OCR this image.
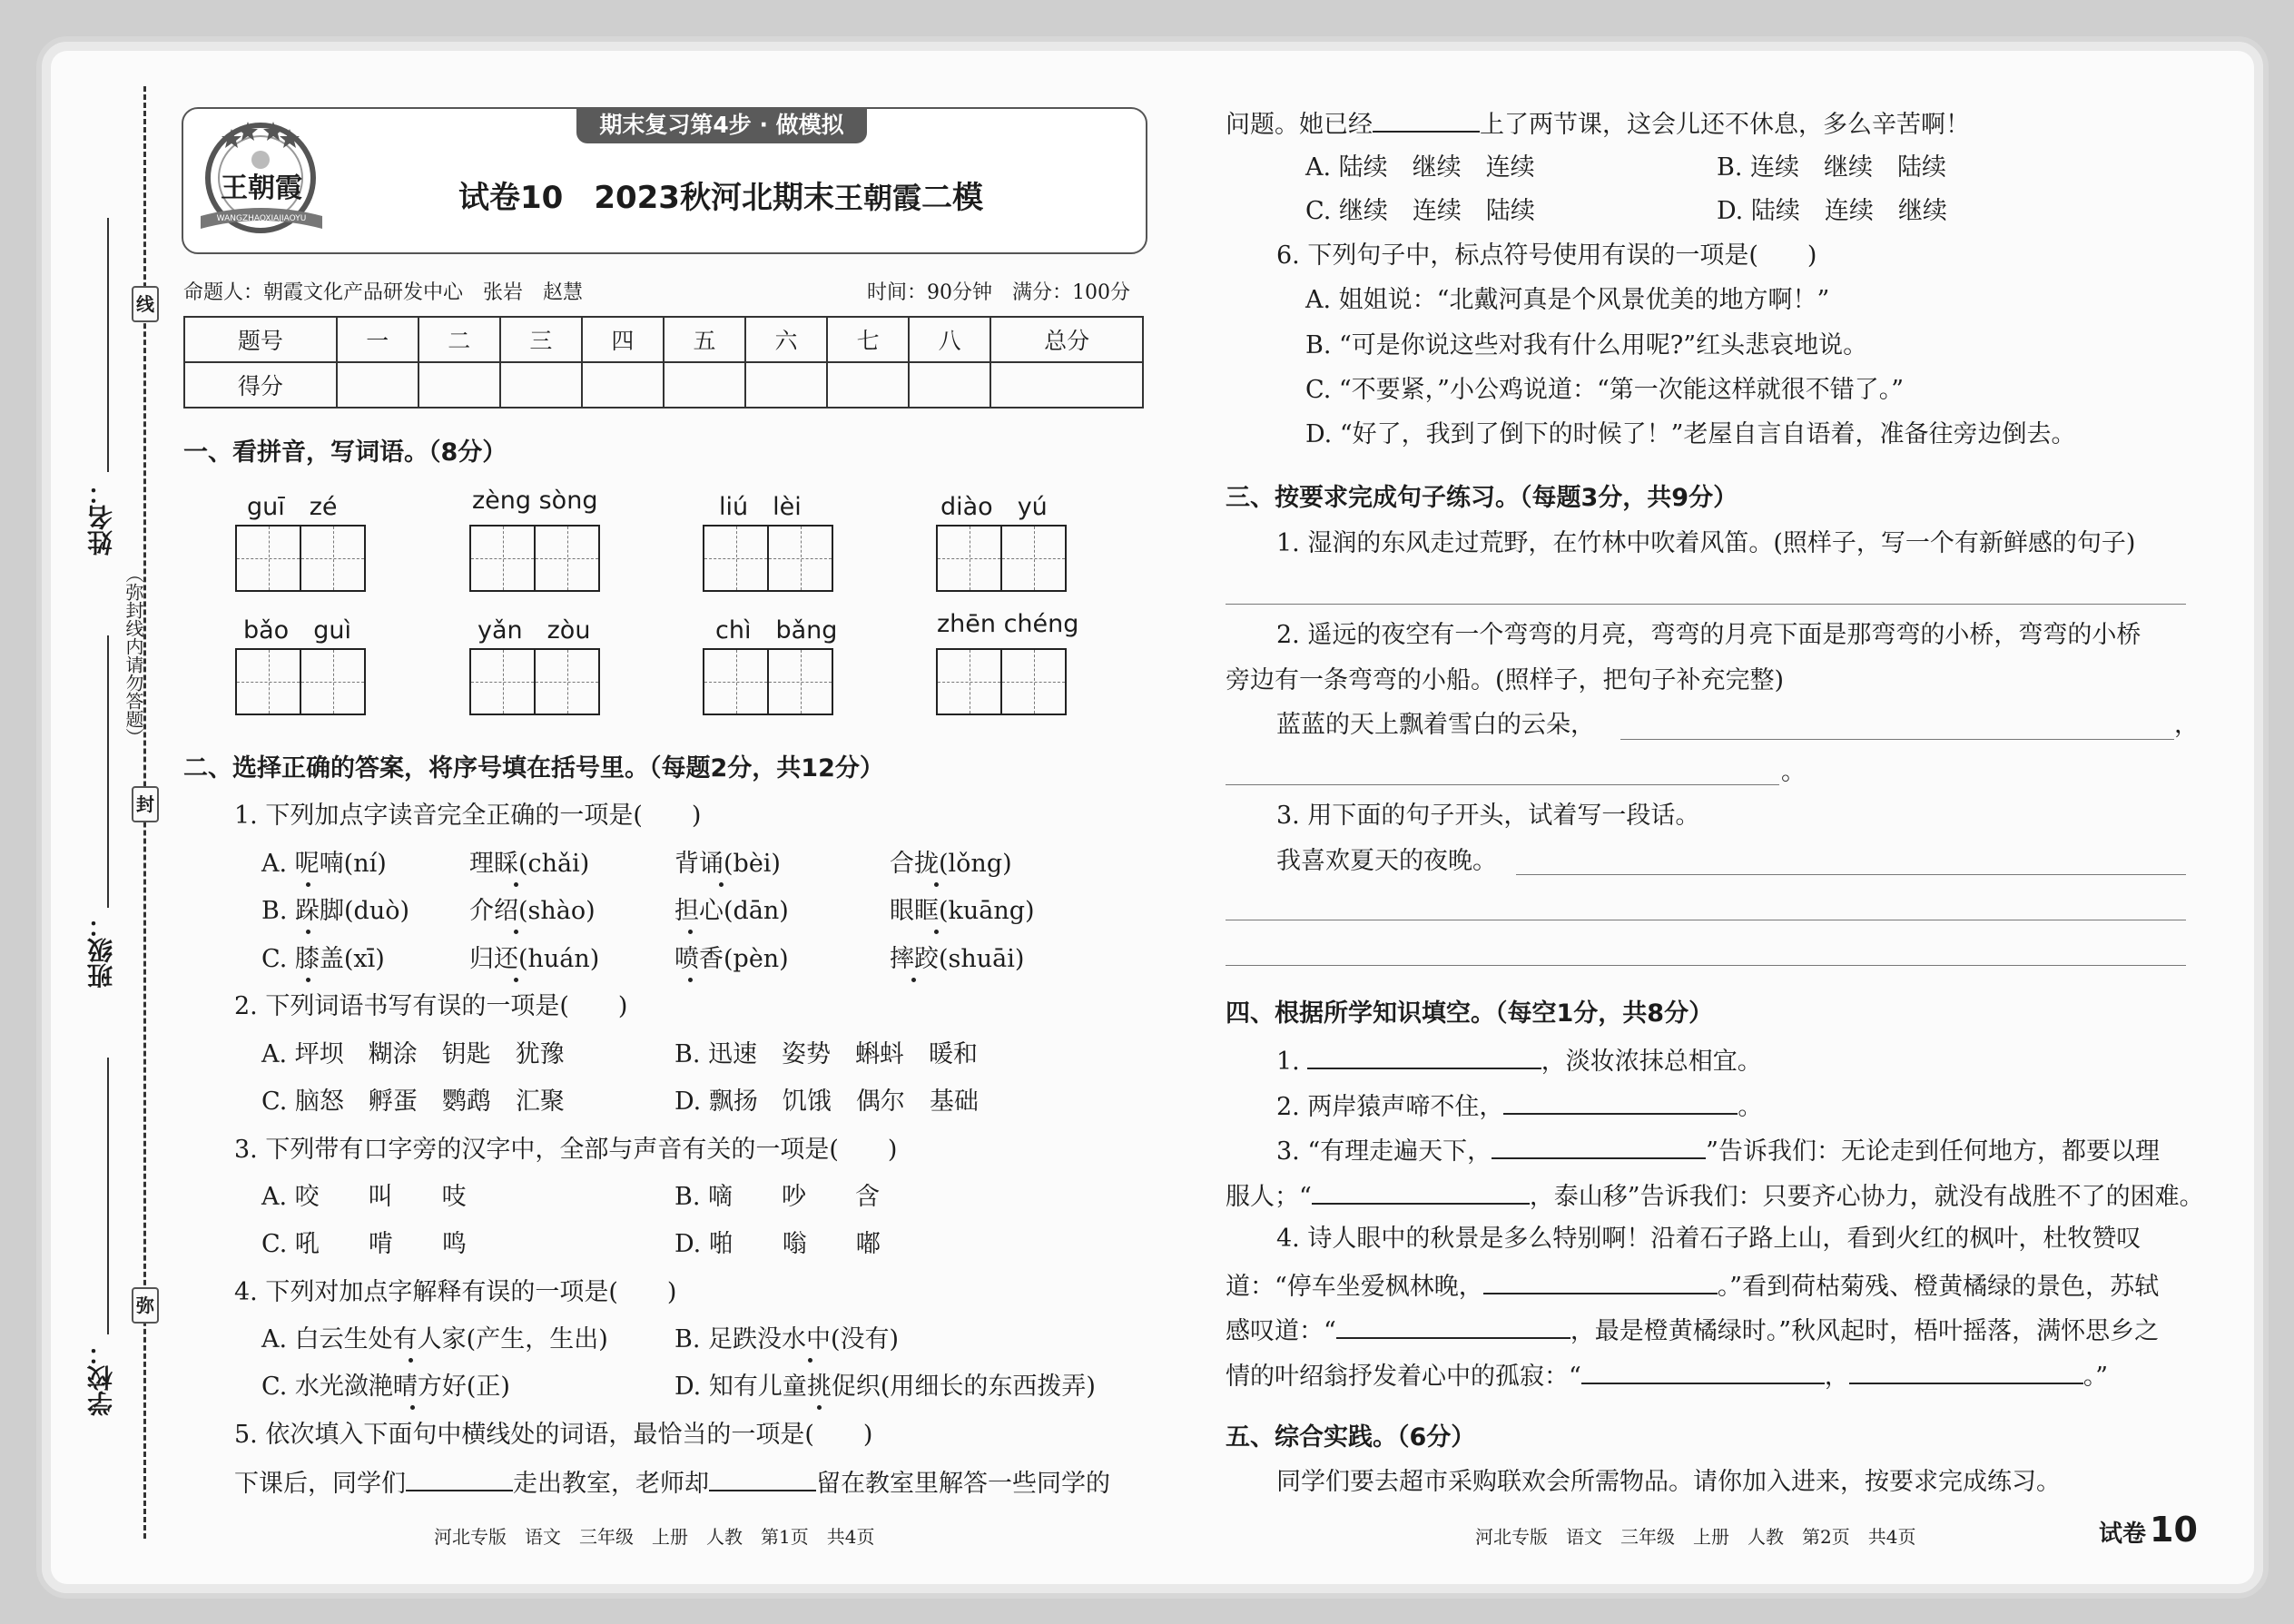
线
封
弥
（弥封线内请勿答题）
姓名：
班级：
学校：
期末复习第4步 · 做模拟
王朝霞
WANGZHAOXIAJIAOYU
试卷10　2023秋河北期末王朝霞二模
命题人：朝霞文化产品研发中心　张岩　赵慧	时间：90分钟　满分：100分
题号	一	二	三	四	五	六	七	八	总分
得分									
一、看拼音，写词语。（8分）
guī　zé	zèng sòng	liú　lèi	diào　yú
bǎo　guì	yǎn　zòu	chì　bǎng	zhēn chéng
二、选择正确的答案，将序号填在括号里。（每题2分，共12分）
1. 下列加点字读音完全正确的一项是(　　)
A. 呢喃(ní)	理睬(chǎi)	背诵(bèi)	合拢(lǒng)
B. 跺脚(duò) 介绍(shào)	担心(dān)	眼眶(kuāng)
C. 膝盖(xī)	归还(huán)	喷香(pèn)	摔跤(shuāi)
2. 下列词语书写有误的一项是(　　)
A. 坪坝　糊涂　钥匙　犹豫	B. 迅速　姿势　蝌蚪　暖和
C. 脑怒　孵蛋　鹦鹉　汇聚	D. 飘扬　饥饿　偶尔　基础
3. 下列带有口字旁的汉字中，全部与声音有关的一项是(　　)
A. 咬　　叫　　吱	B. 嘀　　吵　　含
C. 吼　　啃　　鸣	D. 啪　　嗡　　嘟
4. 下列对加点字解释有误的一项是(　　)
A. 白云生处有人家(产生，生出)	B. 足跌没水中(没有)
C. 水光潋滟晴方好(正)	D. 知有儿童挑促织(用细长的东西拨弄)
5. 依次填入下面句中横线处的词语，最恰当的一项是(　　)
下课后，同学们	走出教室，老师却	留在教室里解答一些同学的
河北专版　语文　三年级　上册　人教　第1页　共4页
问题。她已经	上了两节课，这会儿还不休息，多么辛苦啊！
A. 陆续　继续　连续	B. 连续　继续　陆续
C. 继续　连续　陆续	D. 陆续　连续　继续
6. 下列句子中，标点符号使用有误的一项是(　　)
A. 姐姐说：“北戴河真是个风景优美的地方啊！”
B. “可是你说这些对我有什么用呢?”红头悲哀地说。
C. “不要紧，”小公鸡说道：“第一次能这样就很不错了。”
D. “好了，我到了倒下的时候了！”老屋自言自语着，准备往旁边倒去。
三、按要求完成句子练习。（每题3分，共9分）
1. 湿润的东风走过荒野，在竹林中吹着风笛。(照样子，写一个有新鲜感的句子)
2. 遥远的夜空有一个弯弯的月亮，弯弯的月亮下面是那弯弯的小桥，弯弯的小桥
旁边有一条弯弯的小船。(照样子，把句子补充完整)
蓝蓝的天上飘着雪白的云朵，	，
。
3. 用下面的句子开头，试着写一段话。
我喜欢夏天的夜晚。
四、根据所学知识填空。（每空1分，共8分）
1.	，淡妆浓抹总相宜。
2. 两岸猿声啼不住，	。
3. “有理走遍天下，	”告诉我们：无论走到任何地方，都要以理
服人；“	，泰山移”告诉我们：只要齐心协力，就没有战胜不了的困难。
4. 诗人眼中的秋景是多么特别啊！沿着石子路上山，看到火红的枫叶，杜牧赞叹
道：“停车坐爱枫林晚，	。”看到荷枯菊残、橙黄橘绿的景色，苏轼
感叹道：“	，最是橙黄橘绿时。”秋风起时，梧叶摇落，满怀思乡之
情的叶绍翁抒发着心中的孤寂：“	，	。”
五、综合实践。（6分）
同学们要去超市采购联欢会所需物品。请你加入进来，按要求完成练习。
河北专版　语文　三年级　上册　人教　第2页　共4页	试卷 10
